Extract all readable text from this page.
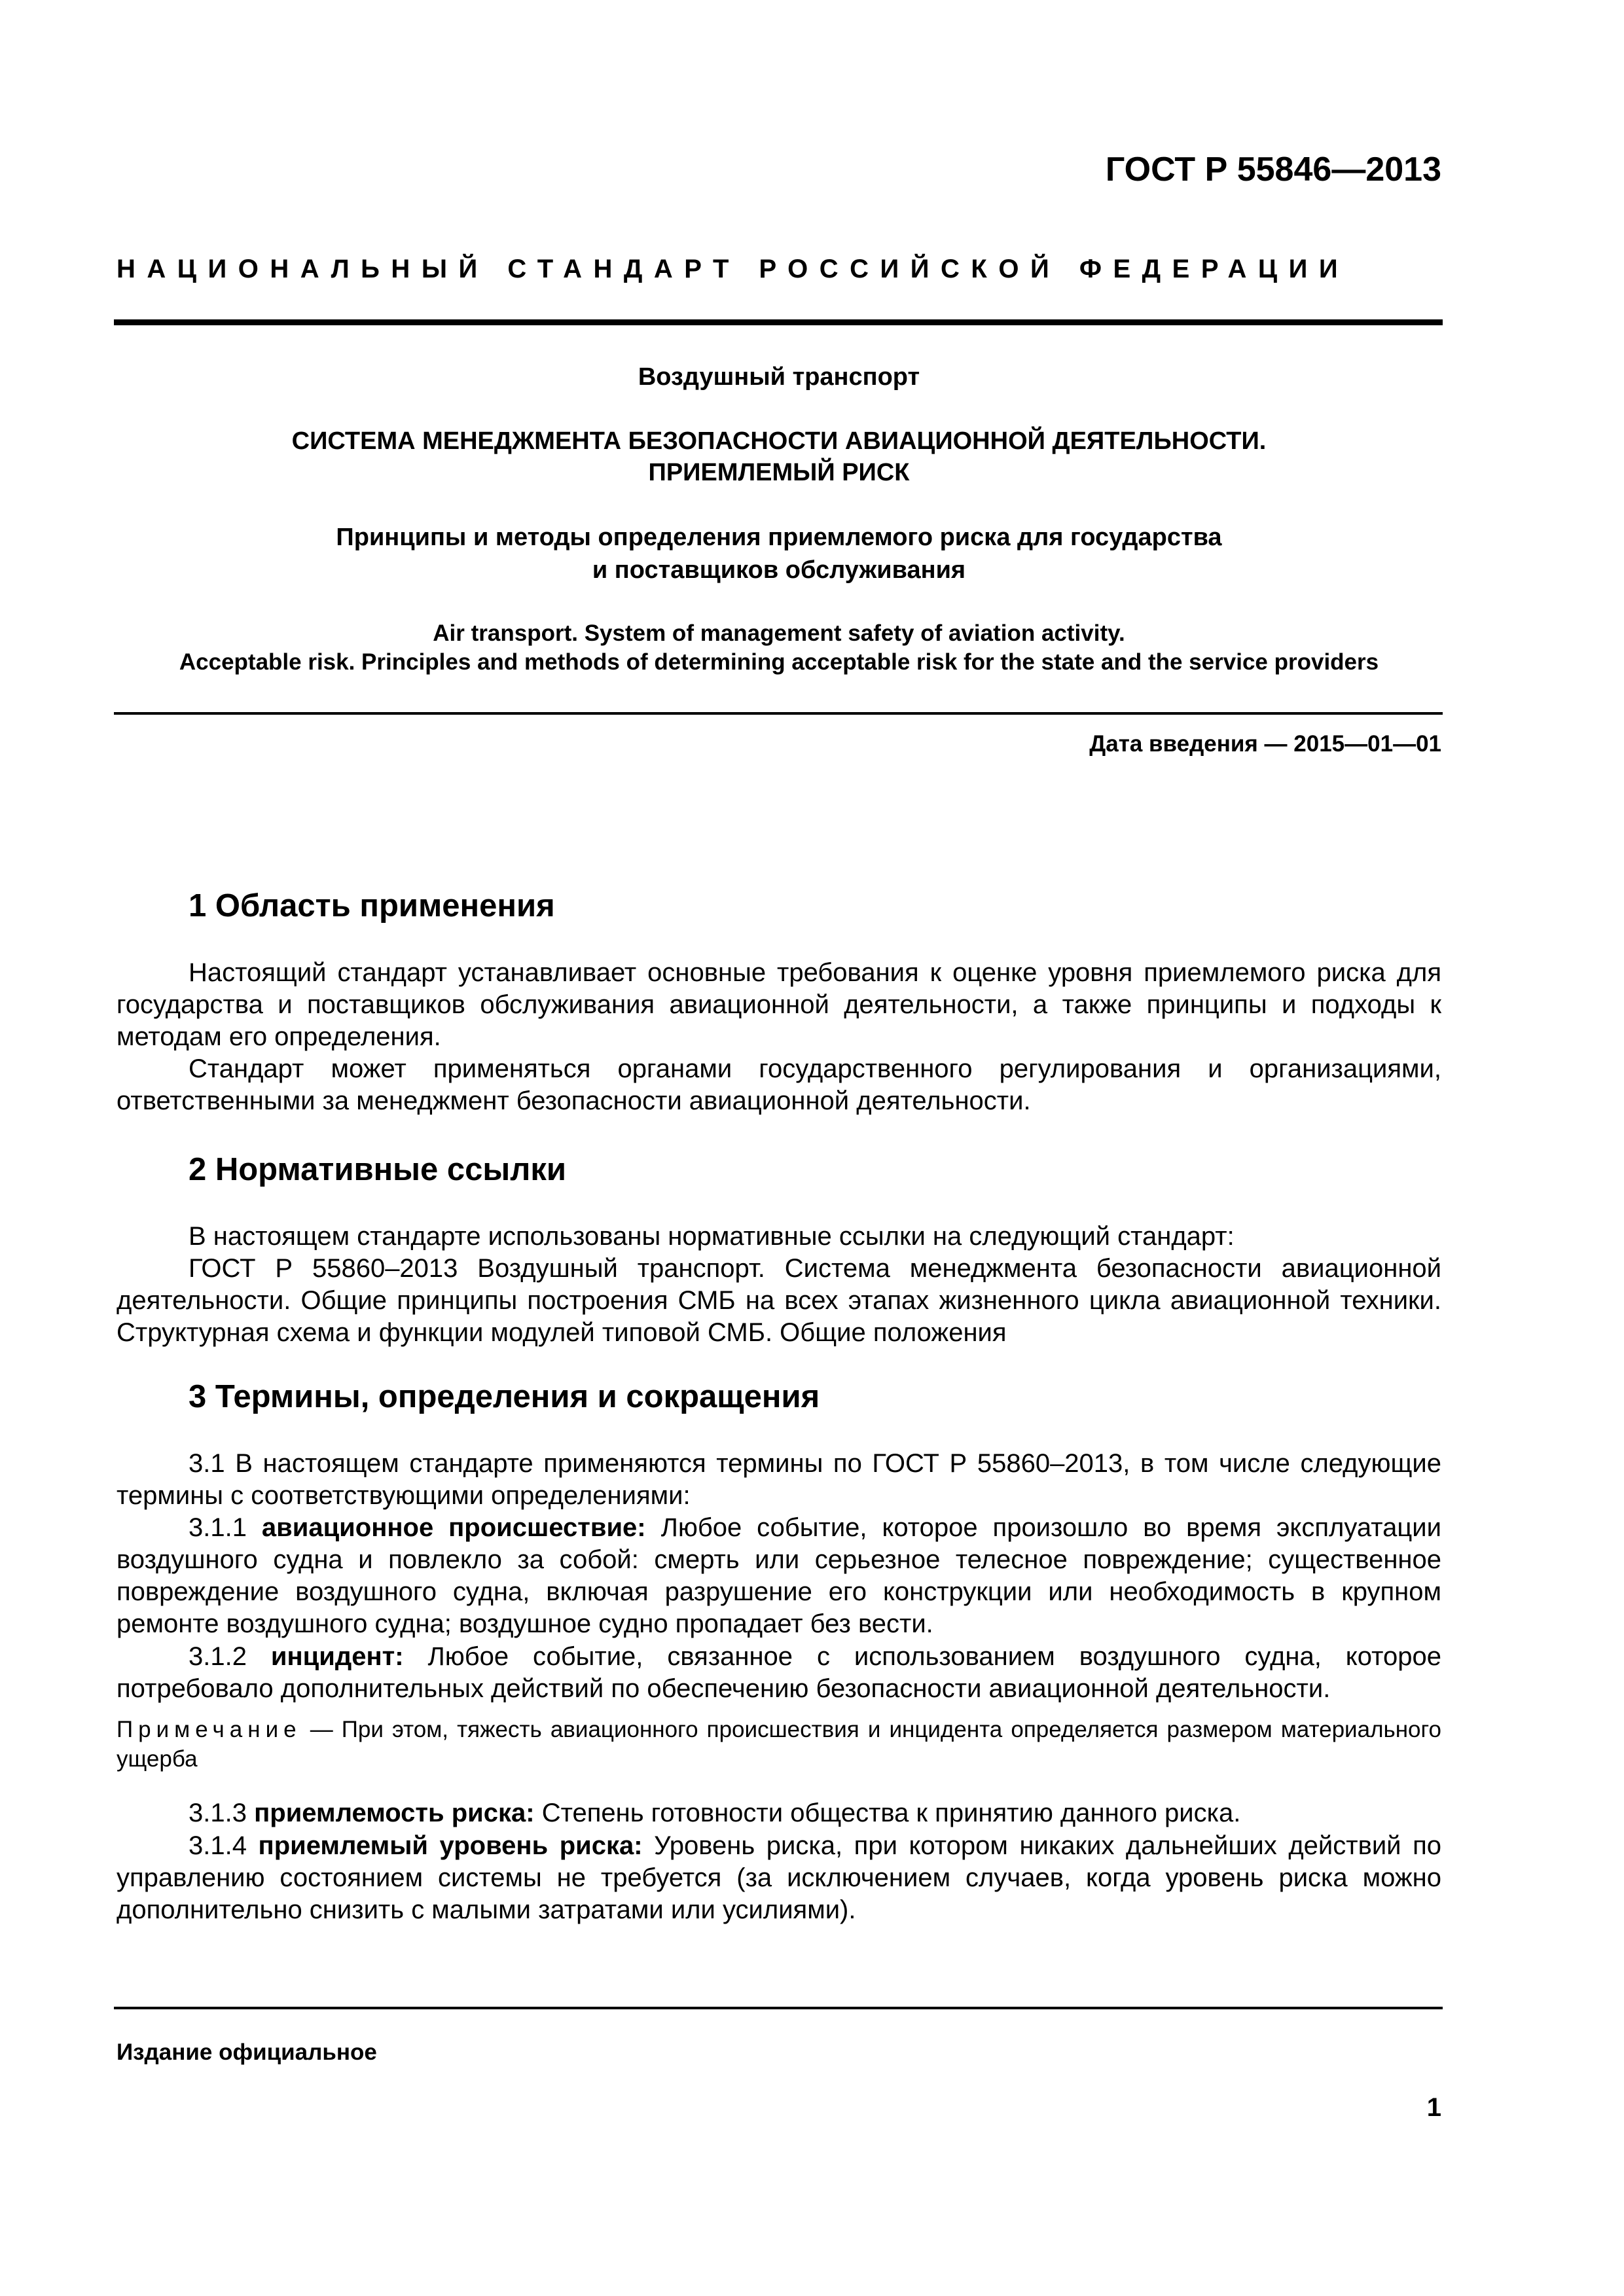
ГОСТ Р 55846—2013
НАЦИОНАЛЬНЫЙ СТАНДАРТ РОССИЙСКОЙ ФЕДЕРАЦИИ
Воздушный транспорт
СИСТЕМА МЕНЕДЖМЕНТА БЕЗОПАСНОСТИ АВИАЦИОННОЙ ДЕЯТЕЛЬНОСТИ.
ПРИЕМЛЕМЫЙ РИСК
Принципы и методы определения приемлемого риска для государства
и поставщиков обслуживания
Air transport. System of management safety of aviation activity.
Acceptable risk. Principles and methods of determining acceptable risk for the state and the service providers
Дата введения — 2015—01—01
1 Область применения
Настоящий стандарт устанавливает основные требования к оценке уровня приемлемого риска для государства и поставщиков обслуживания авиационной деятельности, а также принципы и подходы к методам его определения.
Стандарт может применяться органами государственного регулирования и организациями, ответственными за менеджмент безопасности авиационной деятельности.
2 Нормативные ссылки
В настоящем стандарте использованы нормативные ссылки на следующий стандарт:
ГОСТ Р 55860–2013 Воздушный транспорт. Система менеджмента безопасности авиационной деятельности. Общие принципы построения СМБ на всех этапах жизненного цикла авиационной техники. Структурная схема и функции модулей типовой СМБ. Общие положения
3 Термины, определения и сокращения
3.1 В настоящем стандарте применяются термины по ГОСТ Р 55860–2013, в том числе следующие термины с соответствующими определениями:
3.1.1 авиационное происшествие: Любое событие, которое произошло во время эксплуатации воздушного судна и повлекло за собой: смерть или серьезное телесное повреждение; существенное повреждение воздушного судна, включая разрушение его конструкции или необходимость в крупном ремонте воздушного судна; воздушное судно пропадает без вести.
3.1.2 инцидент: Любое событие, связанное с использованием воздушного судна, которое потребовало дополнительных действий по обеспечению безопасности авиационной деятельности.
Примечание — При этом, тяжесть авиационного происшествия и инцидента определяется размером материального ущерба
3.1.3 приемлемость риска: Степень готовности общества к принятию данного риска.
3.1.4 приемлемый уровень риска: Уровень риска, при котором никаких дальнейших действий по управлению состоянием системы не требуется (за исключением случаев, когда уровень риска можно дополнительно снизить с малыми затратами или усилиями).
Издание официальное
1
